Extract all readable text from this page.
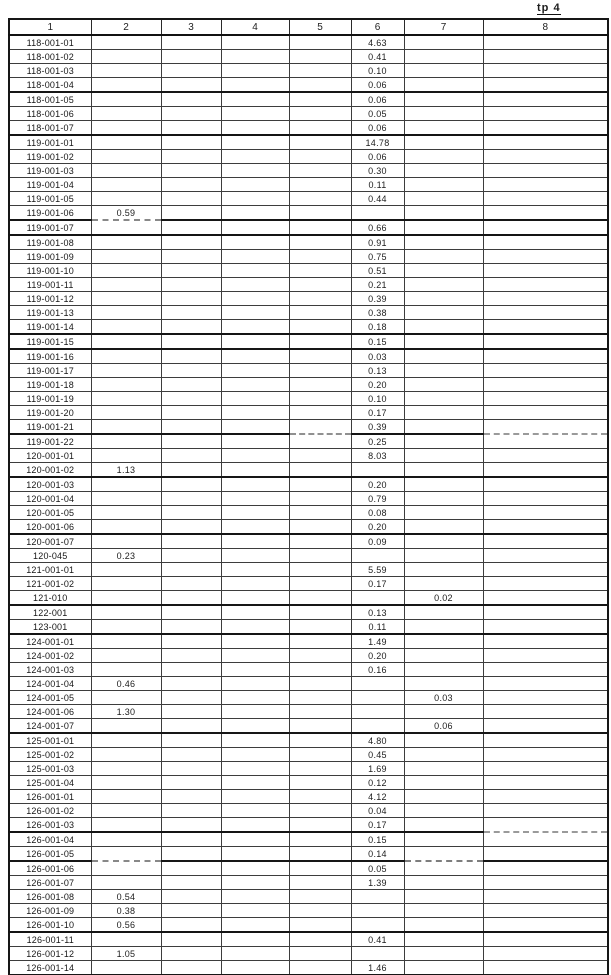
tp 4
1	2	3	4	5	6	7	8
118-001-01					4.63		
118-001-02					0.41		
118-001-03					0.10		
118-001-04					0.06		
118-001-05					0.06		
118-001-06					0.05		
118-001-07					0.06		
119-001-01					14.78		
119-001-02					0.06		
119-001-03					0.30		
119-001-04					0.11		
119-001-05					0.44		
119-001-06	0.59						
119-001-07					0.66		
119-001-08					0.91		
119-001-09					0.75		
119-001-10					0.51		
119-001-11					0.21		
119-001-12					0.39		
119-001-13					0.38		
119-001-14					0.18		
119-001-15					0.15		
119-001-16					0.03		
119-001-17					0.13		
119-001-18					0.20		
119-001-19					0.10		
119-001-20					0.17		
119-001-21					0.39		
119-001-22					0.25		
120-001-01					8.03		
120-001-02	1.13						
120-001-03					0.20		
120-001-04					0.79		
120-001-05					0.08		
120-001-06					0.20		
120-001-07					0.09		
120-045	0.23						
121-001-01					5.59		
121-001-02					0.17		
121-010						0.02	
122-001					0.13		
123-001					0.11		
124-001-01					1.49		
124-001-02					0.20		
124-001-03					0.16		
124-001-04	0.46						
124-001-05						0.03	
124-001-06	1.30						
124-001-07						0.06	
125-001-01					4.80		
125-001-02					0.45		
125-001-03					1.69		
125-001-04					0.12		
126-001-01					4.12		
126-001-02					0.04		
126-001-03					0.17		
126-001-04					0.15		
126-001-05					0.14		
126-001-06					0.05		
126-001-07					1.39		
126-001-08	0.54						
126-001-09	0.38						
126-001-10	0.56						
126-001-11					0.41		
126-001-12	1.05						
126-001-14					1.46		
